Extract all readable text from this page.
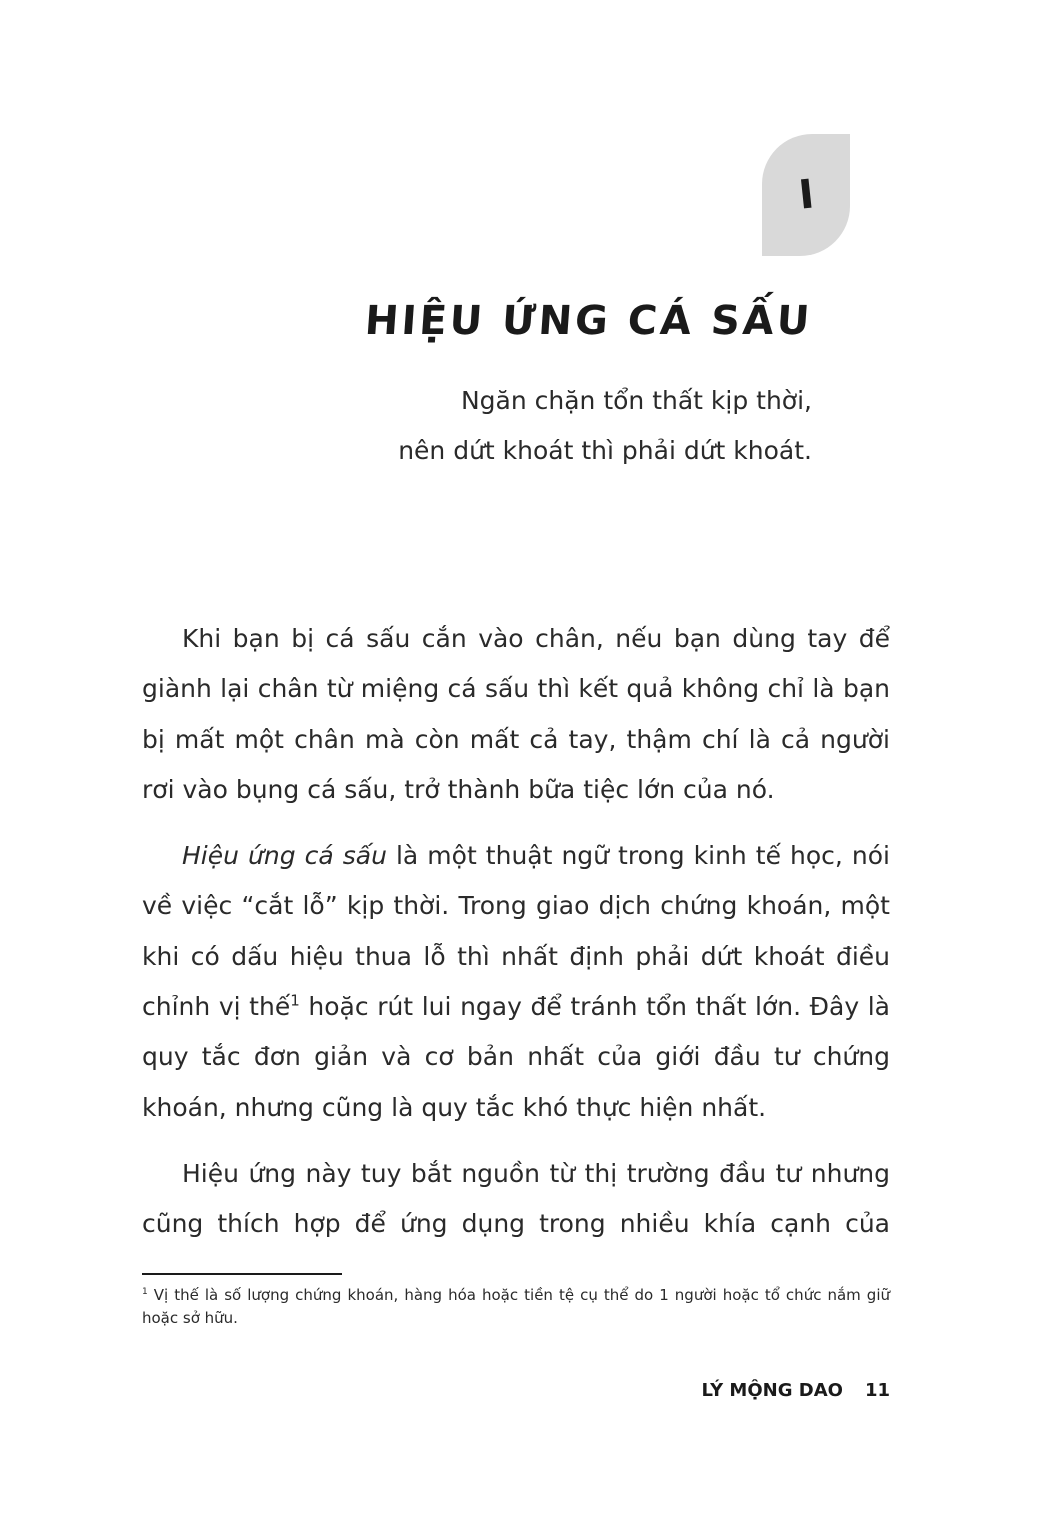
I
HIỆU ỨNG CÁ SẤU
Ngăn chặn tổn thất kịp thời,
nên dứt khoát thì phải dứt khoát.

Khi bạn bị cá sấu cắn vào chân, nếu bạn dùng tay để giành lại chân từ miệng cá sấu thì kết quả không chỉ là bạn bị mất một chân mà còn mất cả tay, thậm chí là cả người rơi vào bụng cá sấu, trở thành bữa tiệc lớn của nó.

Hiệu ứng cá sấu là một thuật ngữ trong kinh tế học, nói về việc “cắt lỗ” kịp thời. Trong giao dịch chứng khoán, một khi có dấu hiệu thua lỗ thì nhất định phải dứt khoát điều chỉnh vị thế$^1$ hoặc rút lui ngay để tránh tổn thất lớn. Đây là quy tắc đơn giản và cơ bản nhất của giới đầu tư chứng khoán, nhưng cũng là quy tắc khó thực hiện nhất.

Hiệu ứng này tuy bắt nguồn từ thị trường đầu tư nhưng cũng thích hợp để ứng dụng trong nhiều khía cạnh của

$^1$ Vị thế là số lượng chứng khoán, hàng hóa hoặc tiền tệ cụ thể do 1 người hoặc tổ chức nắm giữ hoặc sở hữu.
LÝ MỘNG DAO 11
